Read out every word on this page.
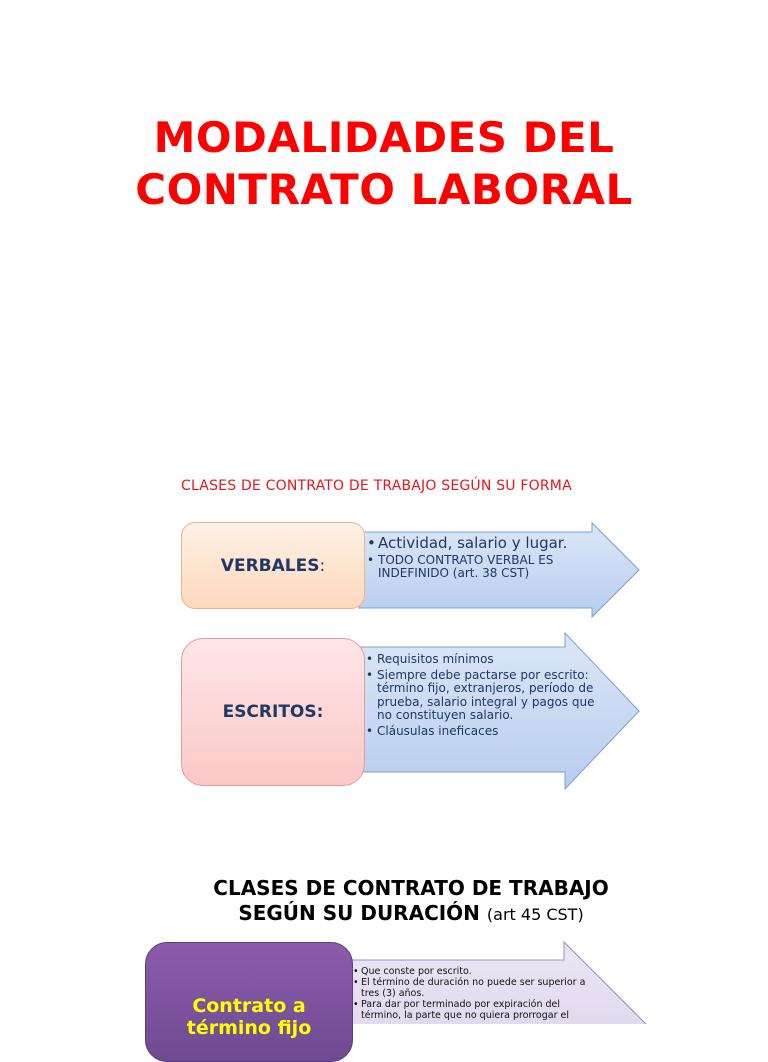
MODALIDADES DEL
CONTRATO LABORAL
CLASES DE CONTRATO DE TRABAJO SEGÚN SU FORMA
VERBALES :
• Actividad, salario y lugar.
• TODO CONTRATO VERBAL ES INDEFINIDO (art. 38 CST)
ESCRITOS:
• Requisitos mínimos
• Siempre debe pactarse por escrito: término fijo, extranjeros, período de prueba, salario integral y pagos que no constituyen salario.
• Cláusulas ineficaces
CLASES DE CONTRATO DE TRABAJO
SEGÚN SU DURACIÓN (art 45 CST)
Contrato a
término fijo
• Que conste por escrito.
• El término de duración no puede ser superior a tres (3) años.
• Para dar por terminado por expiración del término, la parte que no quiera prorrogar el
